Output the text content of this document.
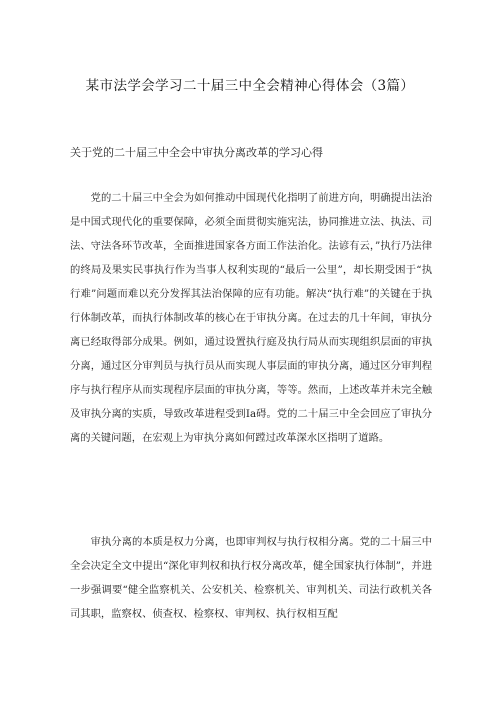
某市法学会学习二十届三中全会精神心得体会（3篇）
关于党的二十届三中全会中审执分离改革的学习心得

党的二十届三中全会为如何推动中国现代化指明了前进方向，明确提出法治是中国式现代化的重要保障，必须全面贯彻实施宪法，协同推进立法、执法、司法、守法各环节改革，全面推进国家各方面工作法治化。法谚有云，”执行乃法律的终局及果实民事执行作为当事人权利实现的“最后一公里”，却长期受困于“执行难”问题而难以充分发挥其法治保障的应有功能。解决“执行难”的关键在于执行体制改革，而执行体制改革的核心在于审执分离。在过去的几十年间，审执分离已经取得部分成果。例如，通过设置执行庭及执行局从而实现组织层面的审执分离，通过区分审判员与执行员从而实现人事层面的审执分离，通过区分审判程序与执行程序从而实现程序层面的审执分离，等等。然而，上述改革并未完全触及审执分离的实质，导致改革进程受到Ia碍。党的二十届三中全会回应了审执分离的关键问题，在宏观上为审执分离如何蹚过改革深水区指明了道路。

审执分离的本质是权力分离，也即审判权与执行权相分离。党的二十届三中全会决定全文中提出“深化审判权和执行权分离改革，健全国家执行体制”，并进一步强调要“健全监察机关、公安机关、检察机关、审判机关、司法行政机关各司其职，监察权、侦查权、检察权、审判权、执行权相互配
